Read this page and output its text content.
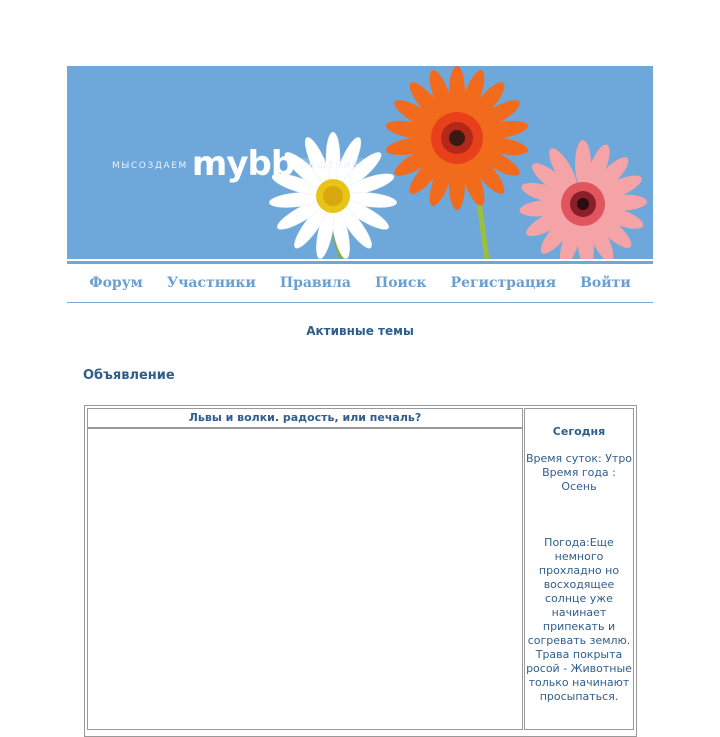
МЫСОЗДАЕМ mybb ОБЩЕНИЕ!
Форум Участники Правила Поиск Регистрация Войти
Активные темы
Объявление
Львы и волки. радость, или печаль?
Сегодня
Время суток: Утро Время года : Осень
Погода:Еще немного прохладно но восходящее солнце уже начинает припекать и согревать землю. Трава покрыта росой - Животные только начинают просыпаться.
